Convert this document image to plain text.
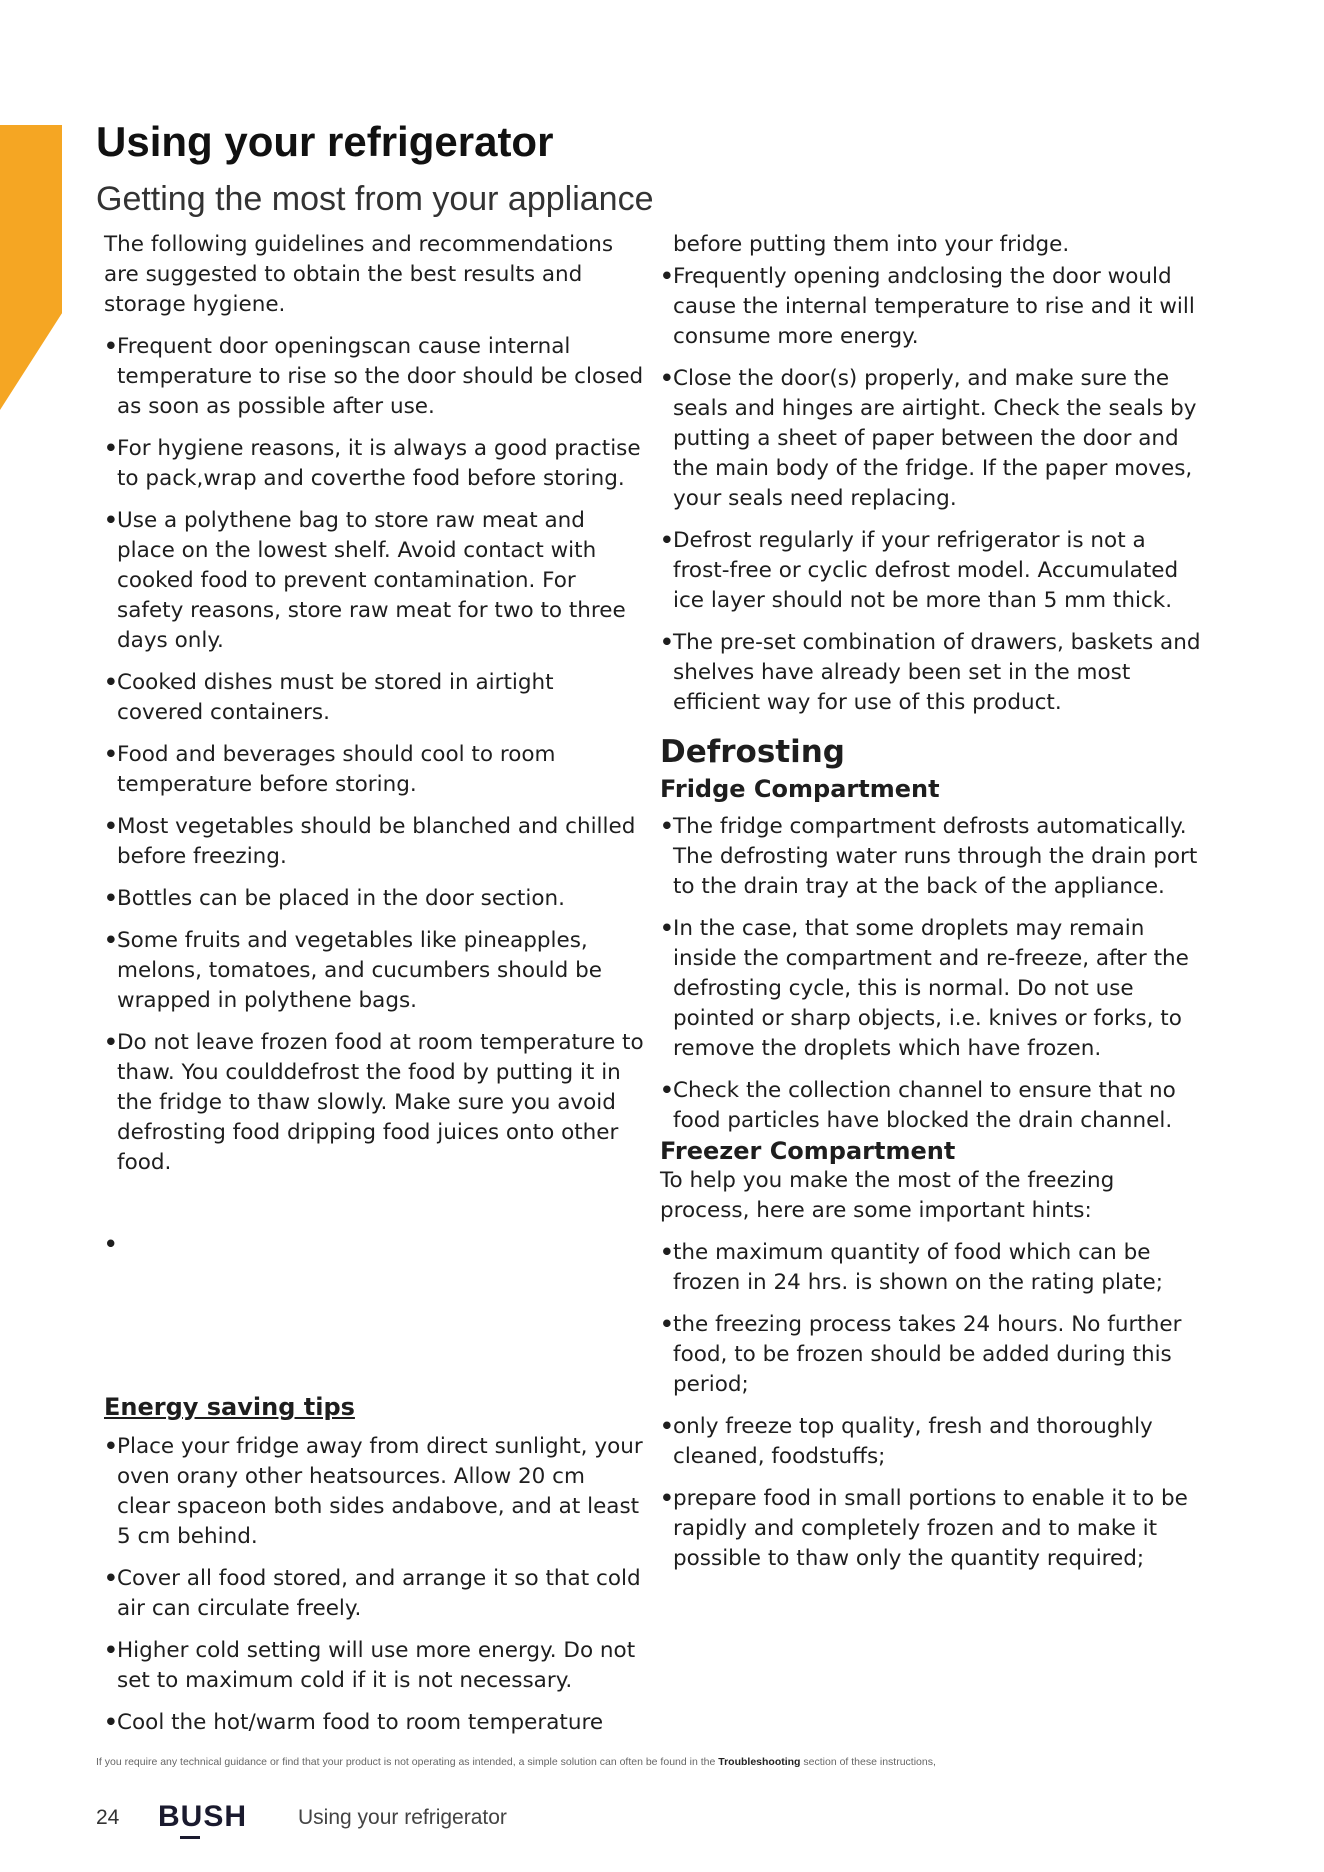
Using your refrigerator
Getting the most from your appliance

The following guidelines and recommendations are suggested to obtain the best results and storage hygiene.

• Frequent door openingscan cause internal temperature to rise so the door should be closed as soon as possible after use.
• For hygiene reasons, it is always a good practise to pack,wrap and coverthe food before storing.
• Use a polythene bag to store raw meat and place on the lowest shelf. Avoid contact with cooked food to prevent contamination. For safety reasons, store raw meat for two to three days only.
• Cooked dishes must be stored in airtight covered containers.
• Food and beverages should cool to room temperature before storing.
• Most vegetables should be blanched and chilled before freezing.
• Bottles can be placed in the door section.
• Some fruits and vegetables like pineapples, melons, tomatoes, and cucumbers should be wrapped in polythene bags.
• Do not leave frozen food at room temperature to thaw. You coulddefrost the food by putting it in the fridge to thaw slowly. Make sure you avoid defrosting food dripping food juices onto other food.
•
Energy saving tips
• Place your fridge away from direct sunlight, your oven orany other heatsources. Allow 20 cm clear spaceon both sides andabove, and at least 5 cm behind.
• Cover all food stored, and arrange it so that cold air can circulate freely.
• Higher cold setting will use more energy. Do not set to maximum cold if it is not necessary.
• Cool the hot/warm food to room temperature

before putting them into your fridge.

• Frequently opening andclosing the door would cause the internal temperature to rise and it will consume more energy.
• Close the door(s) properly, and make sure the seals and hinges are airtight. Check the seals by putting a sheet of paper between the door and the main body of the fridge. If the paper moves, your seals need replacing.
• Defrost regularly if your refrigerator is not a frost-free or cyclic defrost model. Accumulated ice layer should not be more than 5 mm thick.
• The pre-set combination of drawers, baskets and shelves have already been set in the most efficient way for use of this product.
Defrosting
Fridge Compartment
• The fridge compartment defrosts automatically. The defrosting water runs through the drain port to the drain tray at the back of the appliance.
• In the case, that some droplets may remain inside the compartment and re-freeze, after the defrosting cycle, this is normal. Do not use pointed or sharp objects, i.e. knives or forks, to remove the droplets which have frozen.
• Check the collection channel to ensure that no food particles have blocked the drain channel.
Freezer Compartment

To help you make the most of the freezing process, here are some important hints:

• the maximum quantity of food which can be frozen in 24 hrs. is shown on the rating plate;
• the freezing process takes 24 hours. No further food, to be frozen should be added during this period;
• only freeze top quality, fresh and thoroughly cleaned, foodstuffs;
• prepare food in small portions to enable it to be rapidly and completely frozen and to make it possible to thaw only the quantity required;
If you require any technical guidance or find that your product is not operating as intended, a simple solution can often be found in the Troubleshooting section of these instructions,
24 BUSH Using your refrigerator
